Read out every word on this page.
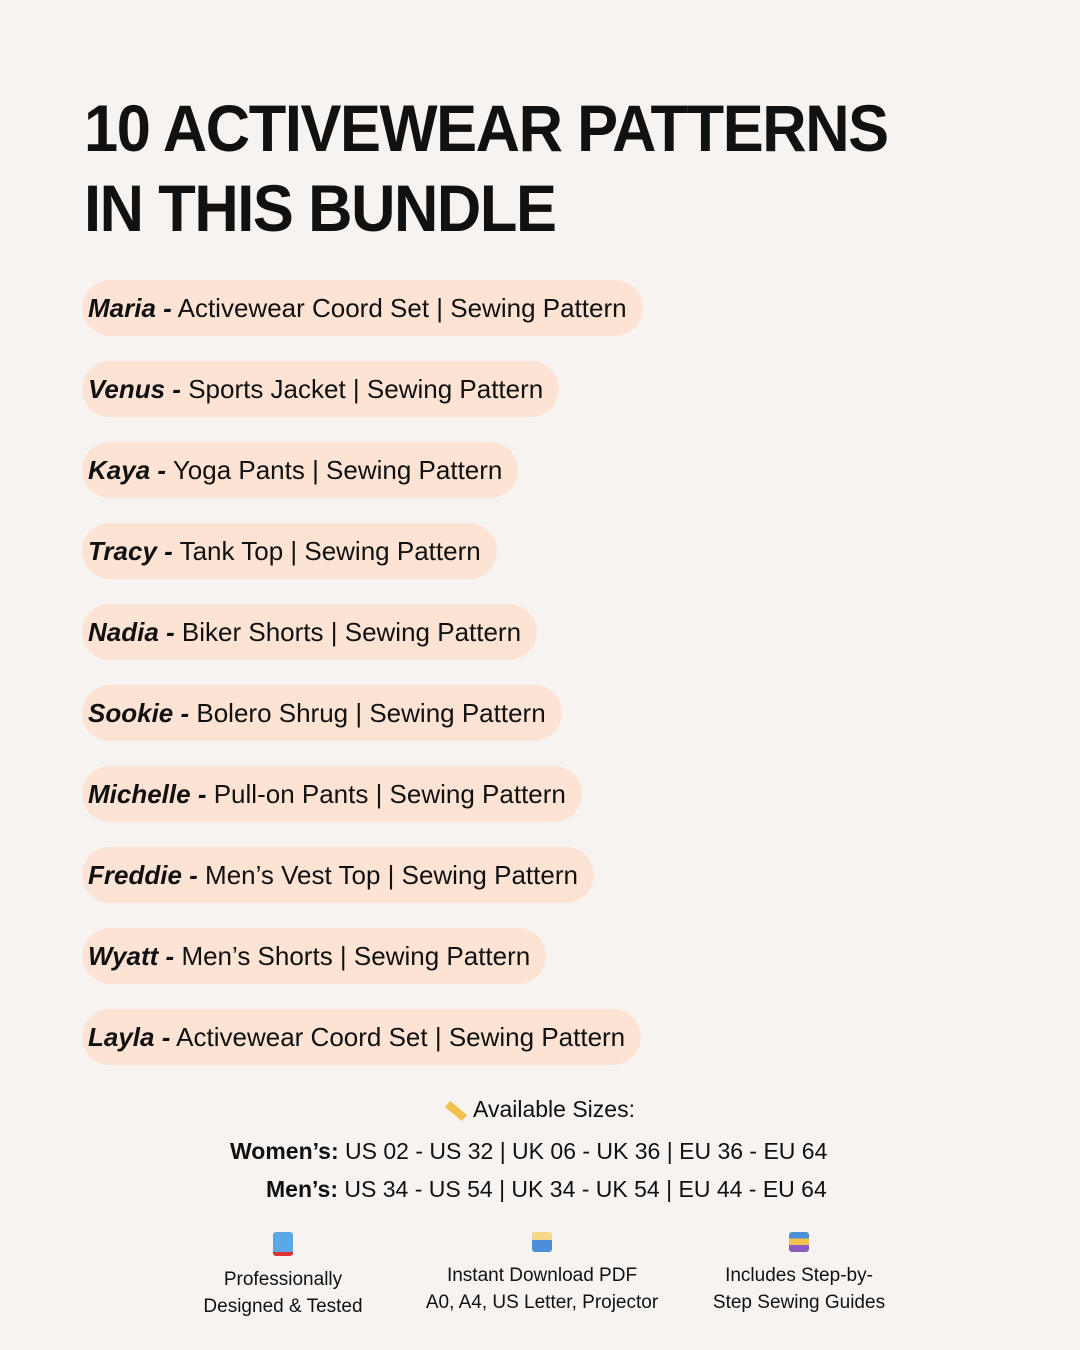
10 ACTIVEWEAR PATTERNS
IN THIS BUNDLE
Maria - Activewear Coord Set | Sewing Pattern
Venus - Sports Jacket | Sewing Pattern
Kaya - Yoga Pants | Sewing Pattern
Tracy - Tank Top | Sewing Pattern
Nadia - Biker Shorts | Sewing Pattern
Sookie - Bolero Shrug | Sewing Pattern
Michelle - Pull-on Pants | Sewing Pattern
Freddie - Men’s Vest Top | Sewing Pattern
Wyatt - Men’s Shorts | Sewing Pattern
Layla - Activewear Coord Set | Sewing Pattern
Available Sizes:
Women’s: US 02 - US 32 | UK 06 - UK 36 | EU 36 - EU 64
Men’s: US 34 - US 54 | UK 34 - UK 54 | EU 44 - EU 64
Professionally
Designed & Tested
Instant Download PDF
A0, A4, US Letter, Projector
Includes Step-by-
Step Sewing Guides
